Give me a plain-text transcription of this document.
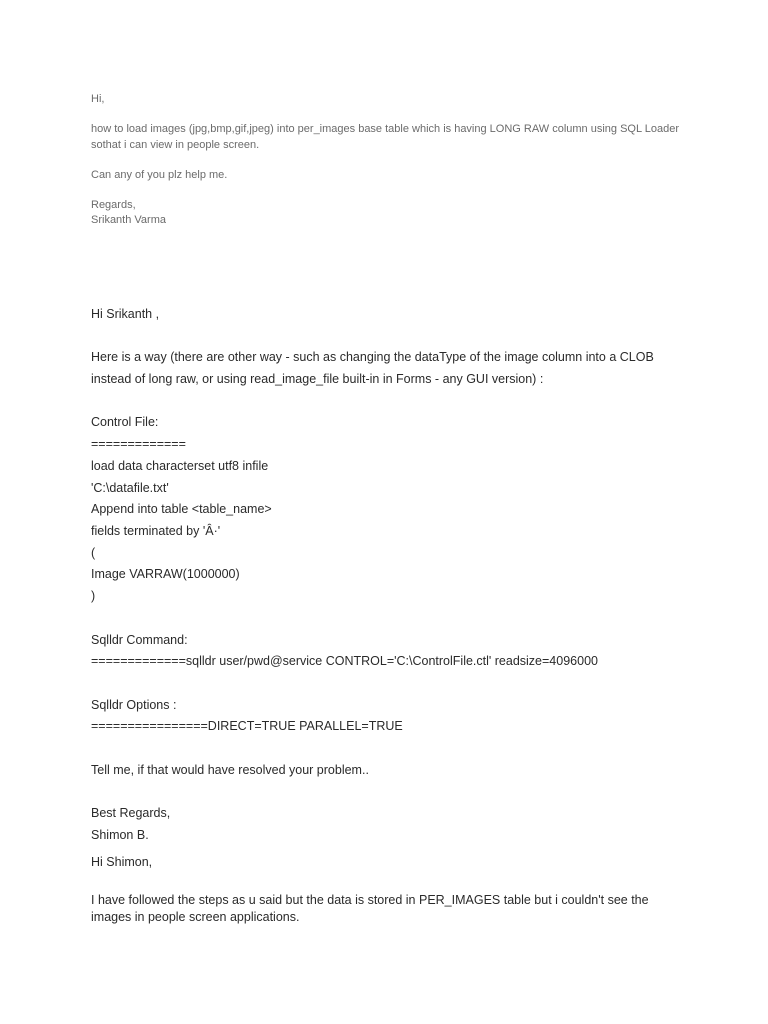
Hi,

how to load images (jpg,bmp,gif,jpeg) into per_images base table which is having LONG RAW column using SQL Loader sothat i can view in people screen.

Can any of you plz help me.

Regards,
Srikanth Varma

Hi Srikanth ,

Here is a way (there are other way - such as changing the dataType of the image column into a CLOB instead of long raw, or using read_image_file built-in in Forms - any GUI version) :

Control File:
=============
load data characterset utf8 infile
'C:\datafile.txt'
Append into table <table_name>
fields terminated by 'Â·'
(
Image VARRAW(1000000)
)
Sqlldr Command:
=============sqlldr user/pwd@service CONTROL='C:\ControlFile.ctl' readsize=4096000
Sqlldr Options :
================DIRECT=TRUE PARALLEL=TRUE

Tell me, if that would have resolved your problem..

Best Regards,
Shimon B.
Hi Shimon,
I have followed the steps as u said but the data is stored in PER_IMAGES table but i couldn't see the images in people screen applications.
